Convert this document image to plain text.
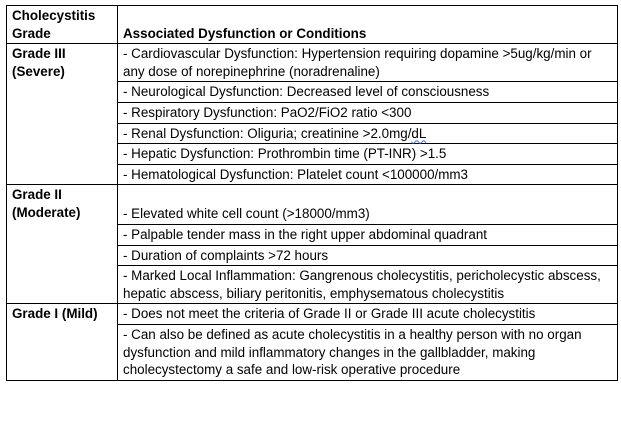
Cholecystitis
Grade	Associated Dysfunction or Conditions
Grade III
(Severe)	- Cardiovascular Dysfunction: Hypertension requiring dopamine >5ug/kg/min or any dose of norepinephrine (noradrenaline)
	- Neurological Dysfunction: Decreased level of consciousness
	- Respiratory Dysfunction: PaO2/FiO2 ratio <300
	- Renal Dysfunction: Oliguria; creatinine >2.0mg/dL
	- Hepatic Dysfunction: Prothrombin time (PT-INR) >1.5
	- Hematological Dysfunction: Platelet count <100000/mm3
Grade II
(Moderate)	- Elevated white cell count (>18000/mm3)
	- Palpable tender mass in the right upper abdominal quadrant
	- Duration of complaints >72 hours
	- Marked Local Inflammation: Gangrenous cholecystitis, pericholecystic abscess, hepatic abscess, biliary peritonitis, emphysematous cholecystitis
Grade I (Mild)	- Does not meet the criteria of Grade II or Grade III acute cholecystitis
	- Can also be defined as acute cholecystitis in a healthy person with no organ dysfunction and mild inflammatory changes in the gallbladder, making cholecystectomy a safe and low-risk operative procedure
